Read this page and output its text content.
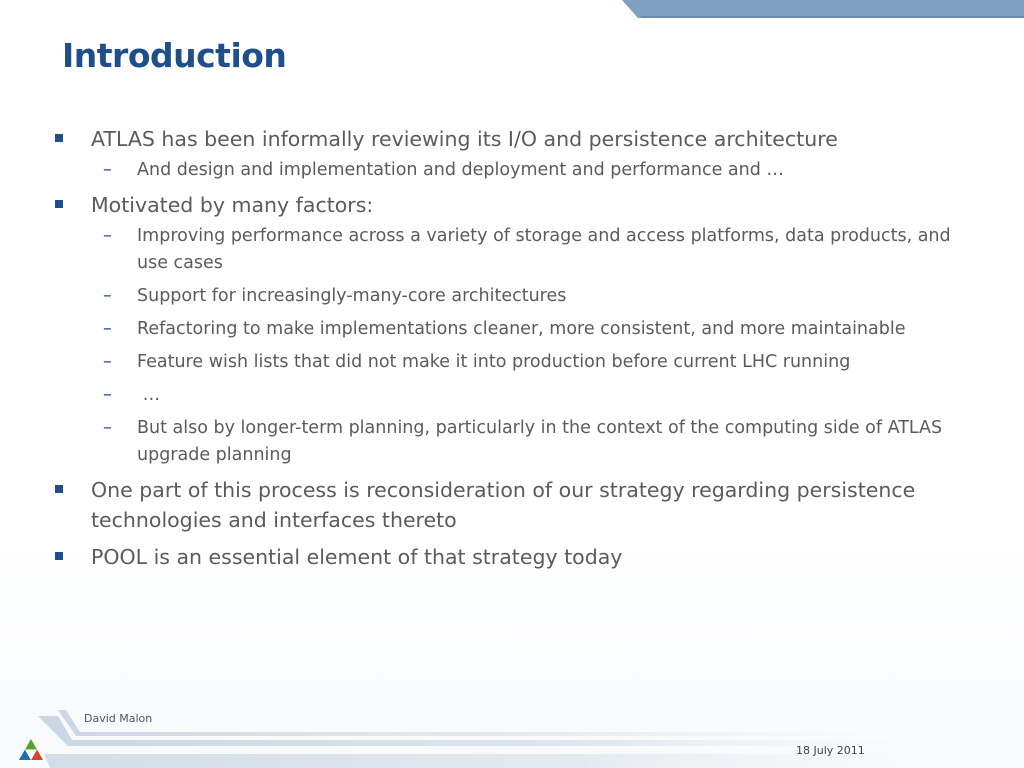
Introduction
ATLAS has been informally reviewing its I/O and persistence architecture
– And design and implementation and deployment and performance and …
Motivated by many factors:
– Improving performance across a variety of storage and access platforms, data products, and use cases
– Support for increasingly-many-core architectures
– Refactoring to make implementations cleaner, more consistent, and more maintainable
– Feature wish lists that did not make it into production before current LHC running
– …
– But also by longer-term planning, particularly in the context of the computing side of ATLAS upgrade planning
One part of this process is reconsideration of our strategy regarding persistence technologies and interfaces thereto
POOL is an essential element of that strategy today
David Malon
18 July 2011
